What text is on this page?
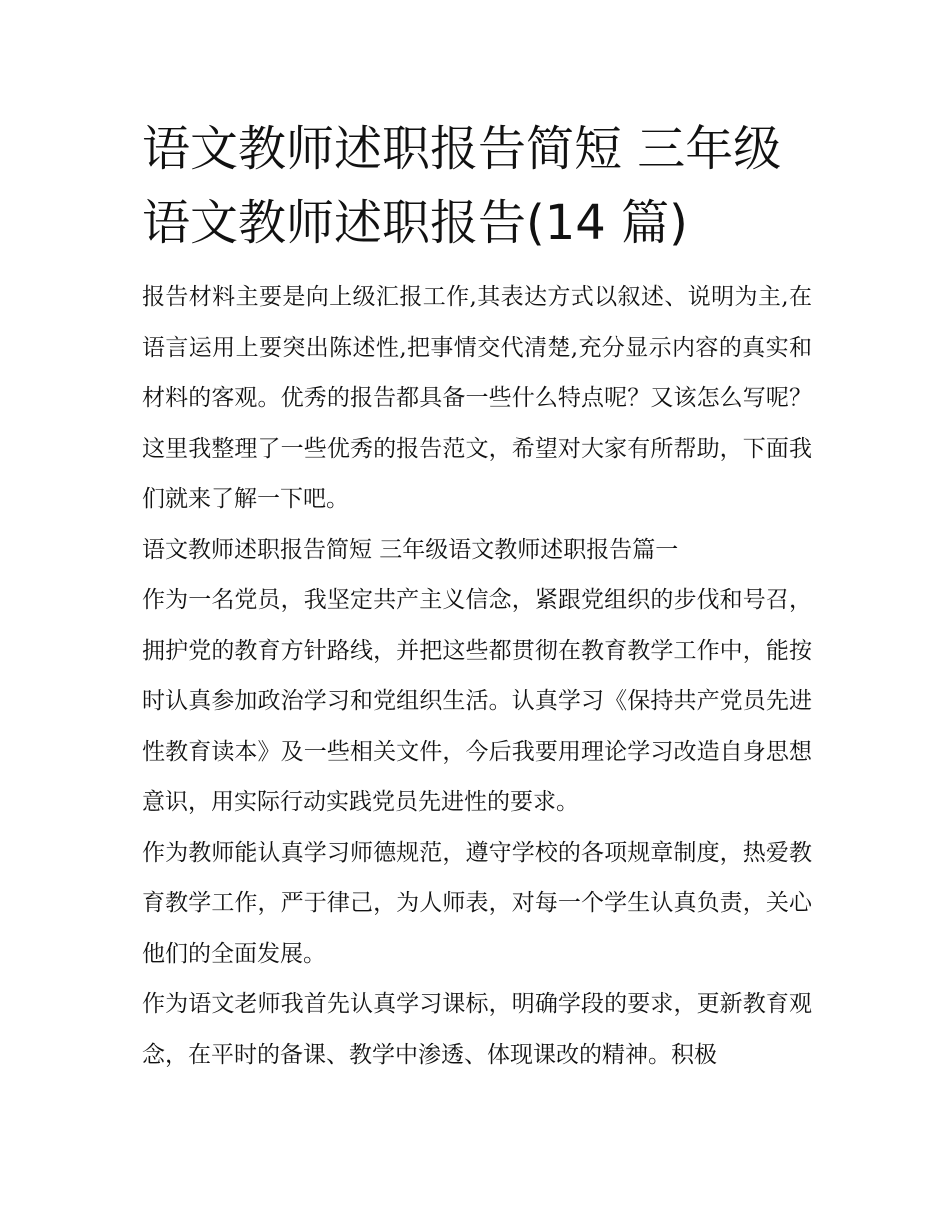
语文教师述职报告简短 三年级语文教师述职报告(14 篇)

报告材料主要是向上级汇报工作,其表达方式以叙述、说明为主,在语言运用上要突出陈述性,把事情交代清楚,充分显示内容的真实和材料的客观。优秀的报告都具备一些什么特点呢？又该怎么写呢？这里我整理了一些优秀的报告范文，希望对大家有所帮助，下面我们就来了解一下吧。

语文教师述职报告简短 三年级语文教师述职报告篇一

作为一名党员，我坚定共产主义信念，紧跟党组织的步伐和号召，拥护党的教育方针路线，并把这些都贯彻在教育教学工作中，能按时认真参加政治学习和党组织生活。认真学习《保持共产党员先进性教育读本》及一些相关文件，今后我要用理论学习改造自身思想意识，用实际行动实践党员先进性的要求。

作为教师能认真学习师德规范，遵守学校的各项规章制度，热爱教育教学工作，严于律己，为人师表，对每一个学生认真负责，关心他们的全面发展。

作为语文老师我首先认真学习课标，明确学段的要求，更新教育观念，在平时的备课、教学中渗透、体现课改的精神。积极
